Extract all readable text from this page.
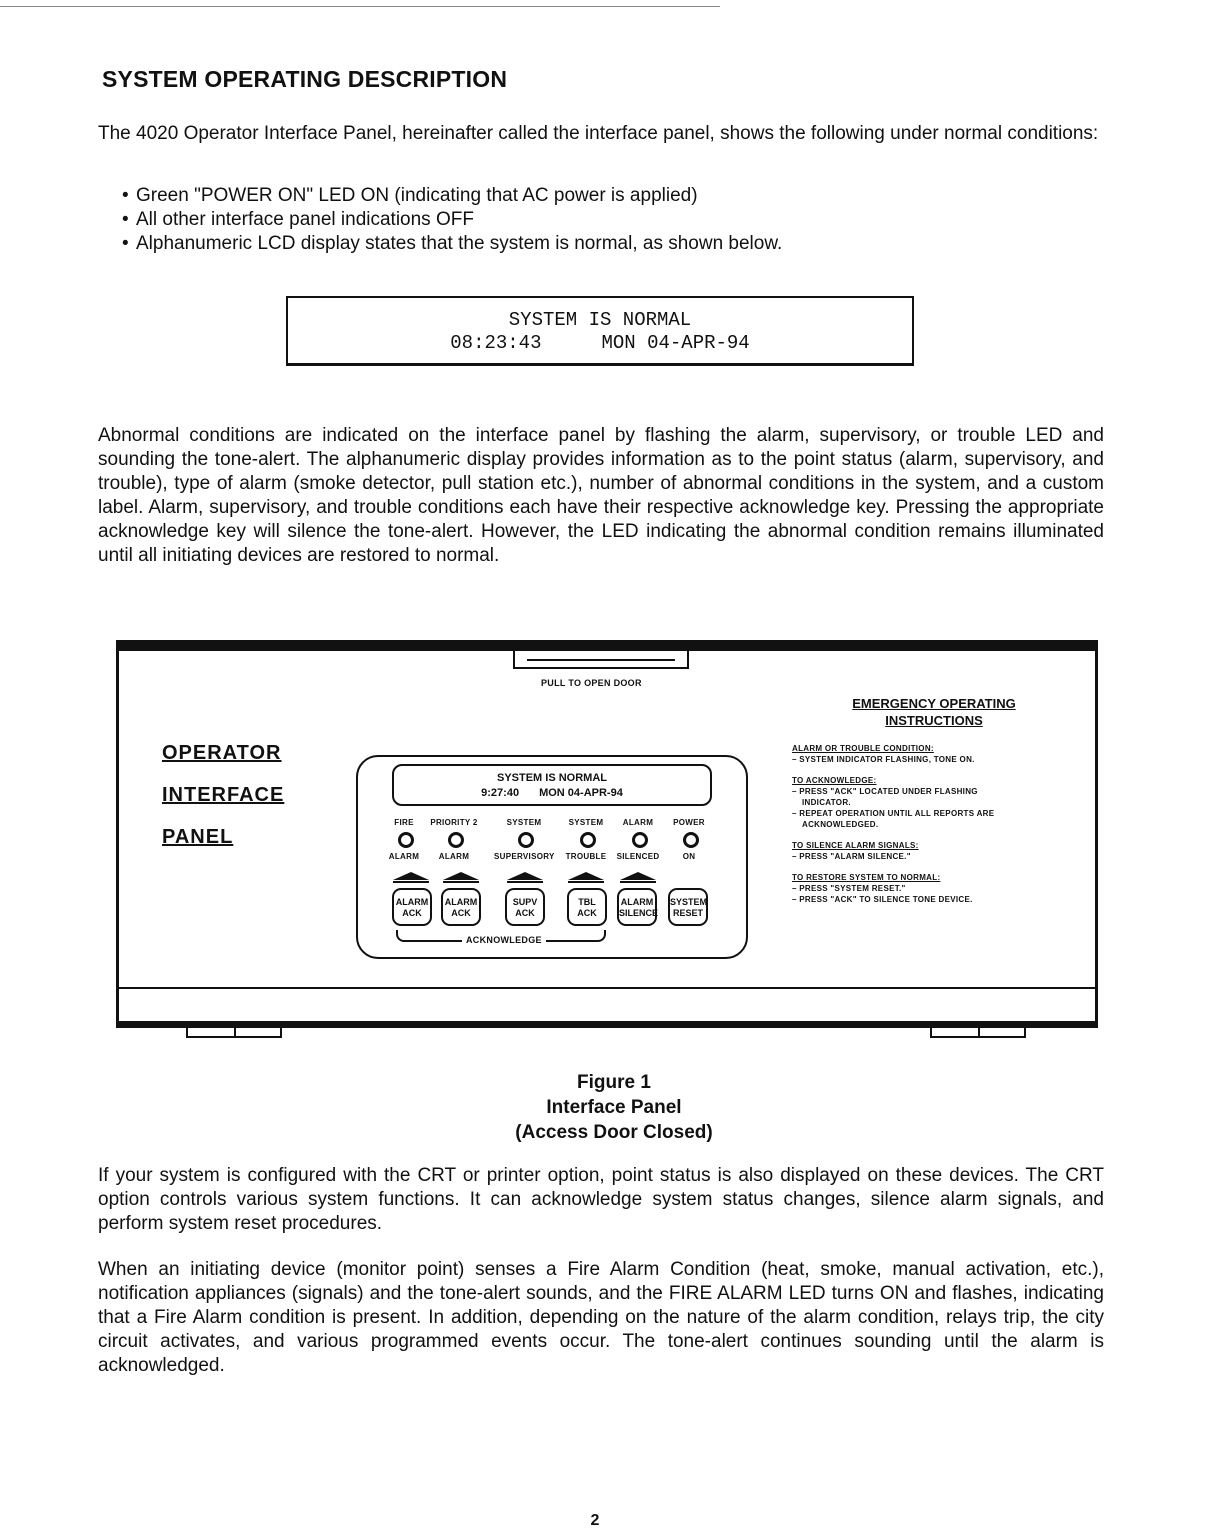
SYSTEM OPERATING DESCRIPTION

The 4020 Operator Interface Panel, hereinafter called the interface panel, shows the following under normal conditions:

• Green "POWER ON" LED ON (indicating that AC power is applied)
• All other interface panel indications OFF
• Alphanumeric LCD display states that the system is normal, as shown below.
SYSTEM IS NORMAL
08:23:43	MON 04-APR-94

Abnormal conditions are indicated on the interface panel by flashing the alarm, supervisory, or trouble LED and sounding the tone-alert. The alphanumeric display provides information as to the point status (alarm, supervisory, and trouble), type of alarm (smoke detector, pull station etc.), number of abnormal conditions in the system, and a custom label. Alarm, supervisory, and trouble conditions each have their respective acknowledge key. Pressing the appropriate acknowledge key will silence the tone-alert. However, the LED indicating the abnormal condition remains illuminated until all initiating devices are restored to normal.

PULL TO OPEN DOOR
OPERATOR
INTERFACE
PANEL
SYSTEM IS NORMAL
9:27:40 MON 04-APR-94
FIRE
ALARM
PRIORITY 2
ALARM
SYSTEM
SUPERVISORY
SYSTEM
TROUBLE
ALARM
SILENCED
POWER
ON
ALARM
ACK
ALARM
ACK
SUPV
ACK
TBL
ACK
ALARM
SILENCE
SYSTEM
RESET
ACKNOWLEDGE
EMERGENCY OPERATING
INSTRUCTIONS
ALARM OR TROUBLE CONDITION:
– SYSTEM INDICATOR FLASHING, TONE ON.
TO ACKNOWLEDGE:
– PRESS "ACK" LOCATED UNDER FLASHING
INDICATOR.
– REPEAT OPERATION UNTIL ALL REPORTS ARE
ACKNOWLEDGED.
TO SILENCE ALARM SIGNALS:
– PRESS "ALARM SILENCE."
TO RESTORE SYSTEM TO NORMAL:
– PRESS "SYSTEM RESET."
– PRESS "ACK" TO SILENCE TONE DEVICE.
Figure 1
Interface Panel
(Access Door Closed)

If your system is configured with the CRT or printer option, point status is also displayed on these devices. The CRT option controls various system functions. It can acknowledge system status changes, silence alarm signals, and perform system reset procedures.

When an initiating device (monitor point) senses a Fire Alarm Condition (heat, smoke, manual activation, etc.), notification appliances (signals) and the tone-alert sounds, and the FIRE ALARM LED turns ON and flashes, indicating that a Fire Alarm condition is present. In addition, depending on the nature of the alarm condition, relays trip, the city circuit activates, and various programmed events occur. The tone-alert continues sounding until the alarm is acknowledged.

2
